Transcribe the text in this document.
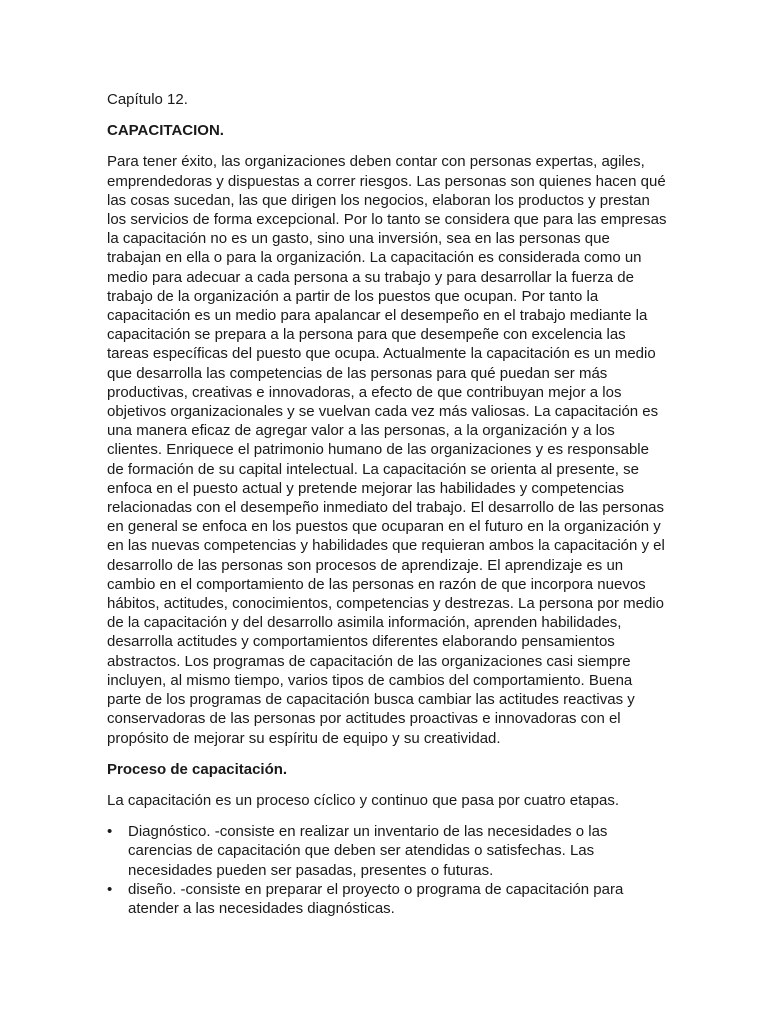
Capítulo 12.
CAPACITACION.

Para tener éxito, las organizaciones deben contar con personas expertas, agiles, emprendedoras y dispuestas a correr riesgos. Las personas son quienes hacen qué las cosas sucedan, las que dirigen los negocios, elaboran los productos y prestan los servicios de forma excepcional. Por lo tanto se considera que para las empresas la capacitación no es un gasto, sino una inversión, sea en las personas que trabajan en ella o para la organización. La capacitación es considerada como un medio para adecuar a cada persona a su trabajo y para desarrollar la fuerza de trabajo de la organización a partir de los puestos que ocupan. Por tanto la capacitación es un medio para apalancar el desempeño en el trabajo mediante la capacitación se prepara a la persona para que desempeñe con excelencia las tareas específicas del puesto que ocupa. Actualmente la capacitación es un medio que desarrolla las competencias de las personas para qué puedan ser más productivas, creativas e innovadoras, a efecto de que contribuyan mejor a los objetivos organizacionales y se vuelvan cada vez más valiosas. La capacitación es una manera eficaz de agregar valor a las personas, a la organización y a los clientes. Enriquece el patrimonio humano de las organizaciones y es responsable de formación de su capital intelectual. La capacitación se orienta al presente, se enfoca en el puesto actual y pretende mejorar las habilidades y competencias relacionadas con el desempeño inmediato del trabajo. El desarrollo de las personas en general se enfoca en los puestos que ocuparan en el futuro en la organización y en las nuevas competencias y habilidades que requieran ambos la capacitación y el desarrollo de las personas son procesos de aprendizaje. El aprendizaje es un cambio en el comportamiento de las personas en razón de que incorpora nuevos hábitos, actitudes, conocimientos, competencias y destrezas. La persona por medio de la capacitación y del desarrollo asimila información, aprenden habilidades, desarrolla actitudes y comportamientos diferentes elaborando pensamientos abstractos. Los programas de capacitación de las organizaciones casi siempre incluyen, al mismo tiempo, varios tipos de cambios del comportamiento. Buena parte de los programas de capacitación busca cambiar las actitudes reactivas y conservadoras de las personas por actitudes proactivas e innovadoras con el propósito de mejorar su espíritu de equipo y su creatividad.

Proceso de capacitación.

La capacitación es un proceso cíclico y continuo que pasa por cuatro etapas.

• Diagnóstico. -consiste en realizar un inventario de las necesidades o las carencias de capacitación que deben ser atendidas o satisfechas. Las necesidades pueden ser pasadas, presentes o futuras.
• diseño. -consiste en preparar el proyecto o programa de capacitación para atender a las necesidades diagnósticas.
